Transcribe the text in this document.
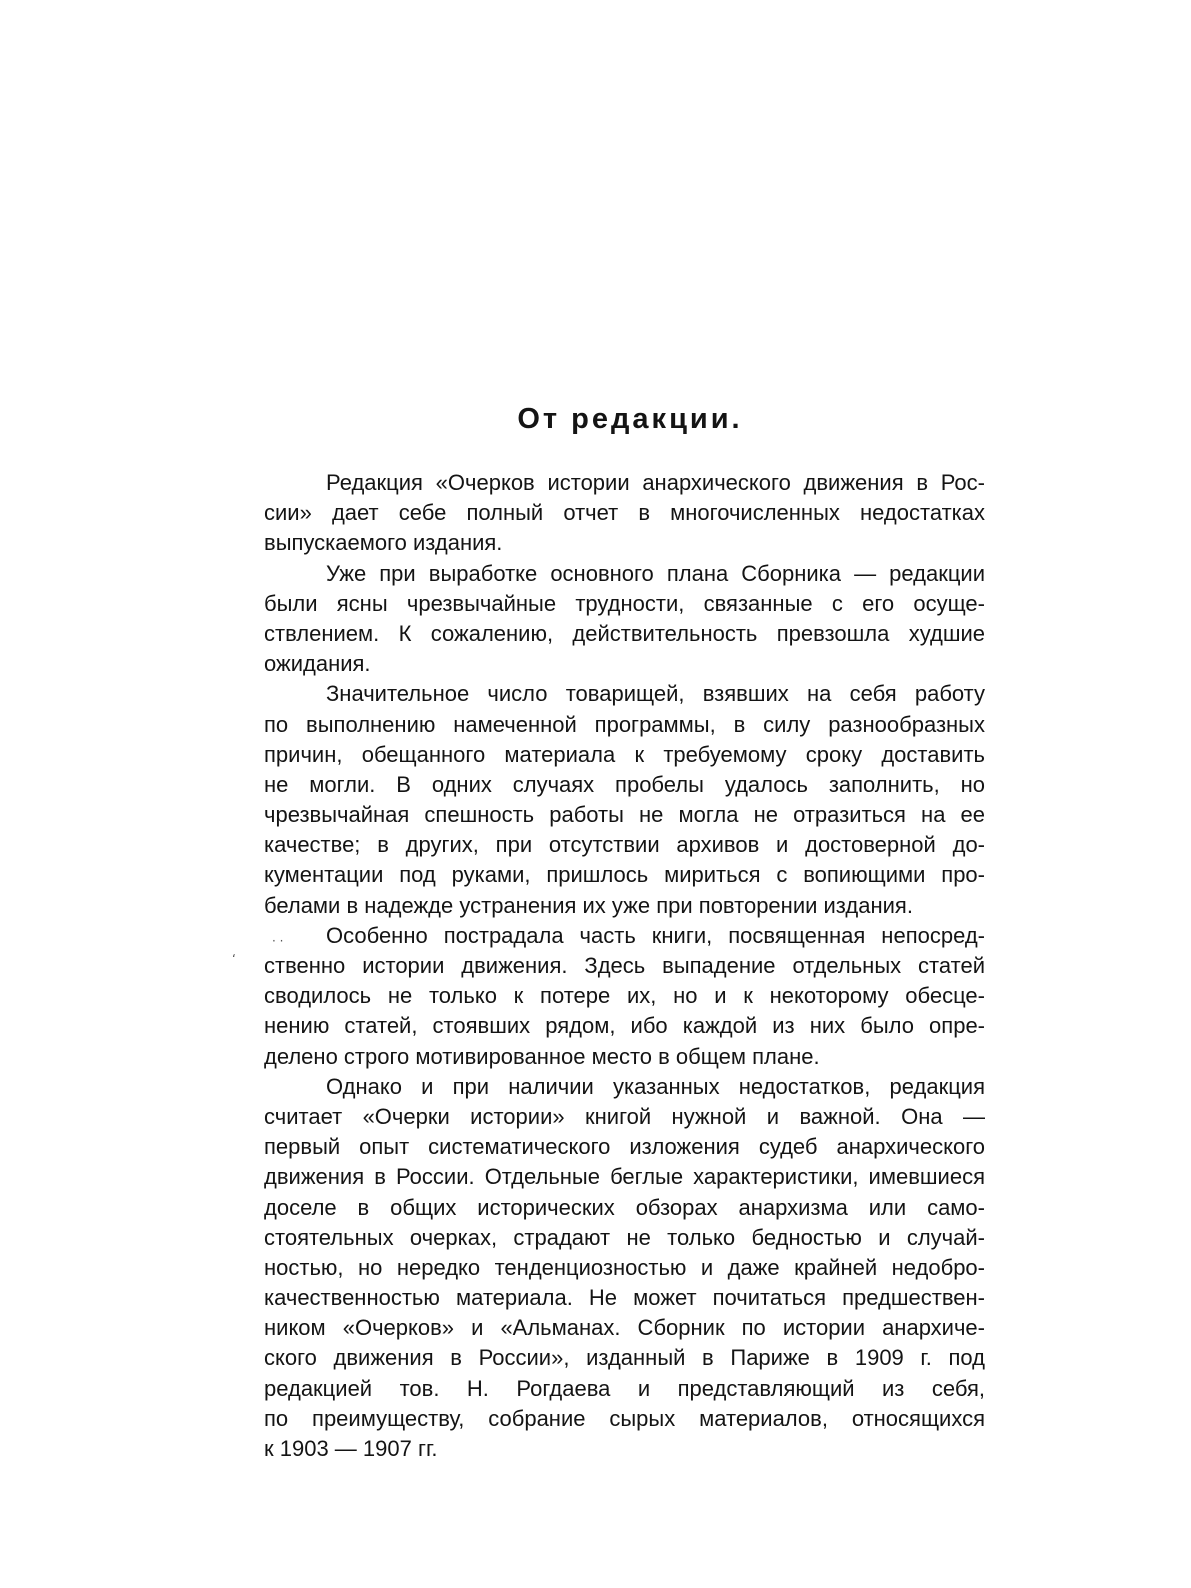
От редакции.

Редакция «Очерков истории анархического движения в Рос-
сии» дает себе полный отчет в многочисленных недостатках
выпускаемого издания.

Уже при выработке основного плана Сборника — редакции
были ясны чрезвычайные трудности, связанные с его осуще-
ствлением. К сожалению, действительность превзошла худшие
ожидания.

Значительное число товарищей, взявших на себя работу
по выполнению намеченной программы, в силу разнообразных
причин, обещанного материала к требуемому сроку доставить
не могли. В одних случаях пробелы удалось заполнить, но
чрезвычайная спешность работы не могла не отразиться на ее
качестве; в других, при отсутствии архивов и достоверной до-
кументации под руками, пришлось мириться с вопиющими про-
белами в надежде устранения их уже при повторении издания.

Особенно пострадала часть книги, посвященная непосред-
ственно истории движения. Здесь выпадение отдельных статей
сводилось не только к потере их, но и к некоторому обесце-
нению статей, стоявших рядом, ибо каждой из них было опре-
делено строго мотивированное место в общем плане.

Однако и при наличии указанных недостатков, редакция
считает «Очерки истории» книгой нужной и важной. Она —
первый опыт систематического изложения судеб анархического
движения в России. Отдельные беглые характеристики, имевшиеся
доселе в общих исторических обзорах анархизма или само-
стоятельных очерках, страдают не только бедностью и случай-
ностью, но нередко тенденциозностью и даже крайней недобро-
качественностью материала. Не может почитаться предшествен-
ником «Очерков» и «Альманах. Сборник по истории анархиче-
ского движения в России», изданный в Париже в 1909 г. под
редакцией тов. Н. Рогдаева и представляющий из себя,
по преимуществу, собрание сырых материалов, относящихся
к 1903 — 1907 гг.

· ·
‘
